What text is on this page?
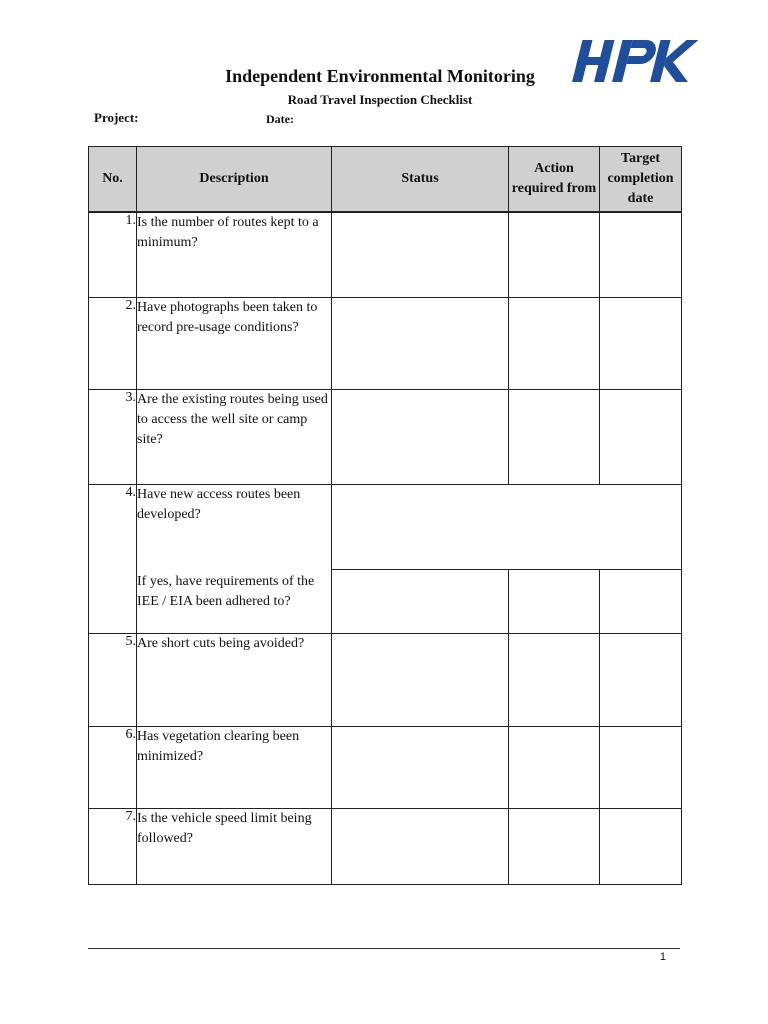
Independent Environmental Monitoring
Road Travel Inspection Checklist
Project:	Date:
No.	Description	Status	Action required from	Target completion date
1.	Is the number of routes kept to a minimum?			
2.	Have photographs been taken to record pre-usage conditions?			
3.	Are the existing routes being used to access the well site or camp site?			
4.	Have new access routes been developed?
If yes, have requirements of the IEE / EIA been adhered to?			

5.	Are short cuts being avoided?			
6.	Has vegetation clearing been minimized?			
7.	Is the vehicle speed limit being followed?			
1
